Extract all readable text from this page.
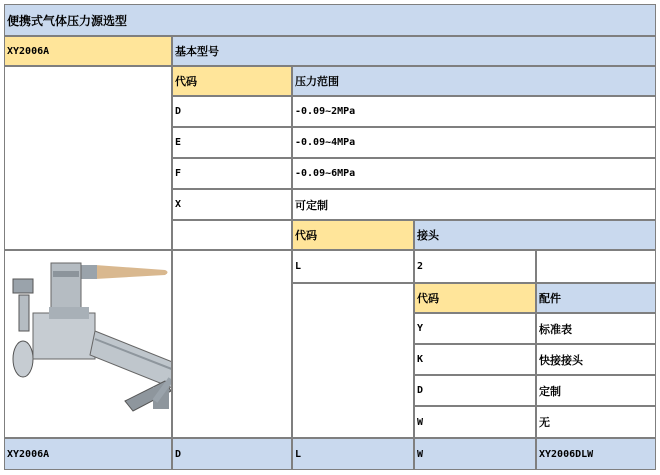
便携式气体压力源选型
XY2006A	基本型号
代码	压力范围
D	-0.09~2MPa
E	-0.09~4MPa
F	-0.09~6MPa
X	可定制
代码	接头
L	2
代码	配件
Y	标准表
K	快接接头
D	定制
W	无
XY2006A	D	L	W	XY2006DLW
